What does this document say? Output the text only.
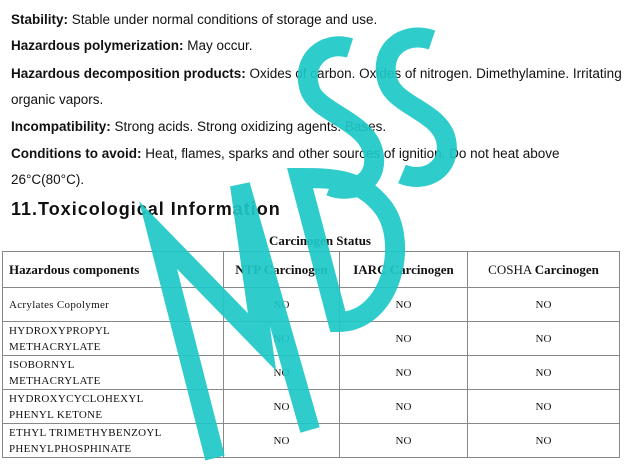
Stability: Stable under normal conditions of storage and use.
Hazardous polymerization: May occur.
Hazardous decomposition products: Oxides of carbon. Oxides of nitrogen. Dimethylamine. Irritating organic vapors.
Incompatibility: Strong acids. Strong oxidizing agents. Bases.
Conditions to avoid: Heat, flames, sparks and other sources of ignition. Do not heat above 26°C(80°C).
11.Toxicological Information
Carcinogen Status
Hazardous components	NTP Carcinogen	IARC Carcinogen	COSHA Carcinogen
Acrylates Copolymer	NO	NO	NO
HYDROXYPROPYL
METHACRYLATE	NO	NO	NO
ISOBORNYL
METHACRYLATE	NO	NO	NO
HYDROXYCYCLOHEXYL
PHENYL KETONE	NO	NO	NO
ETHYL TRIMETHYBENZOYL
PHENYLPHOSPHINATE	NO	NO	NO
